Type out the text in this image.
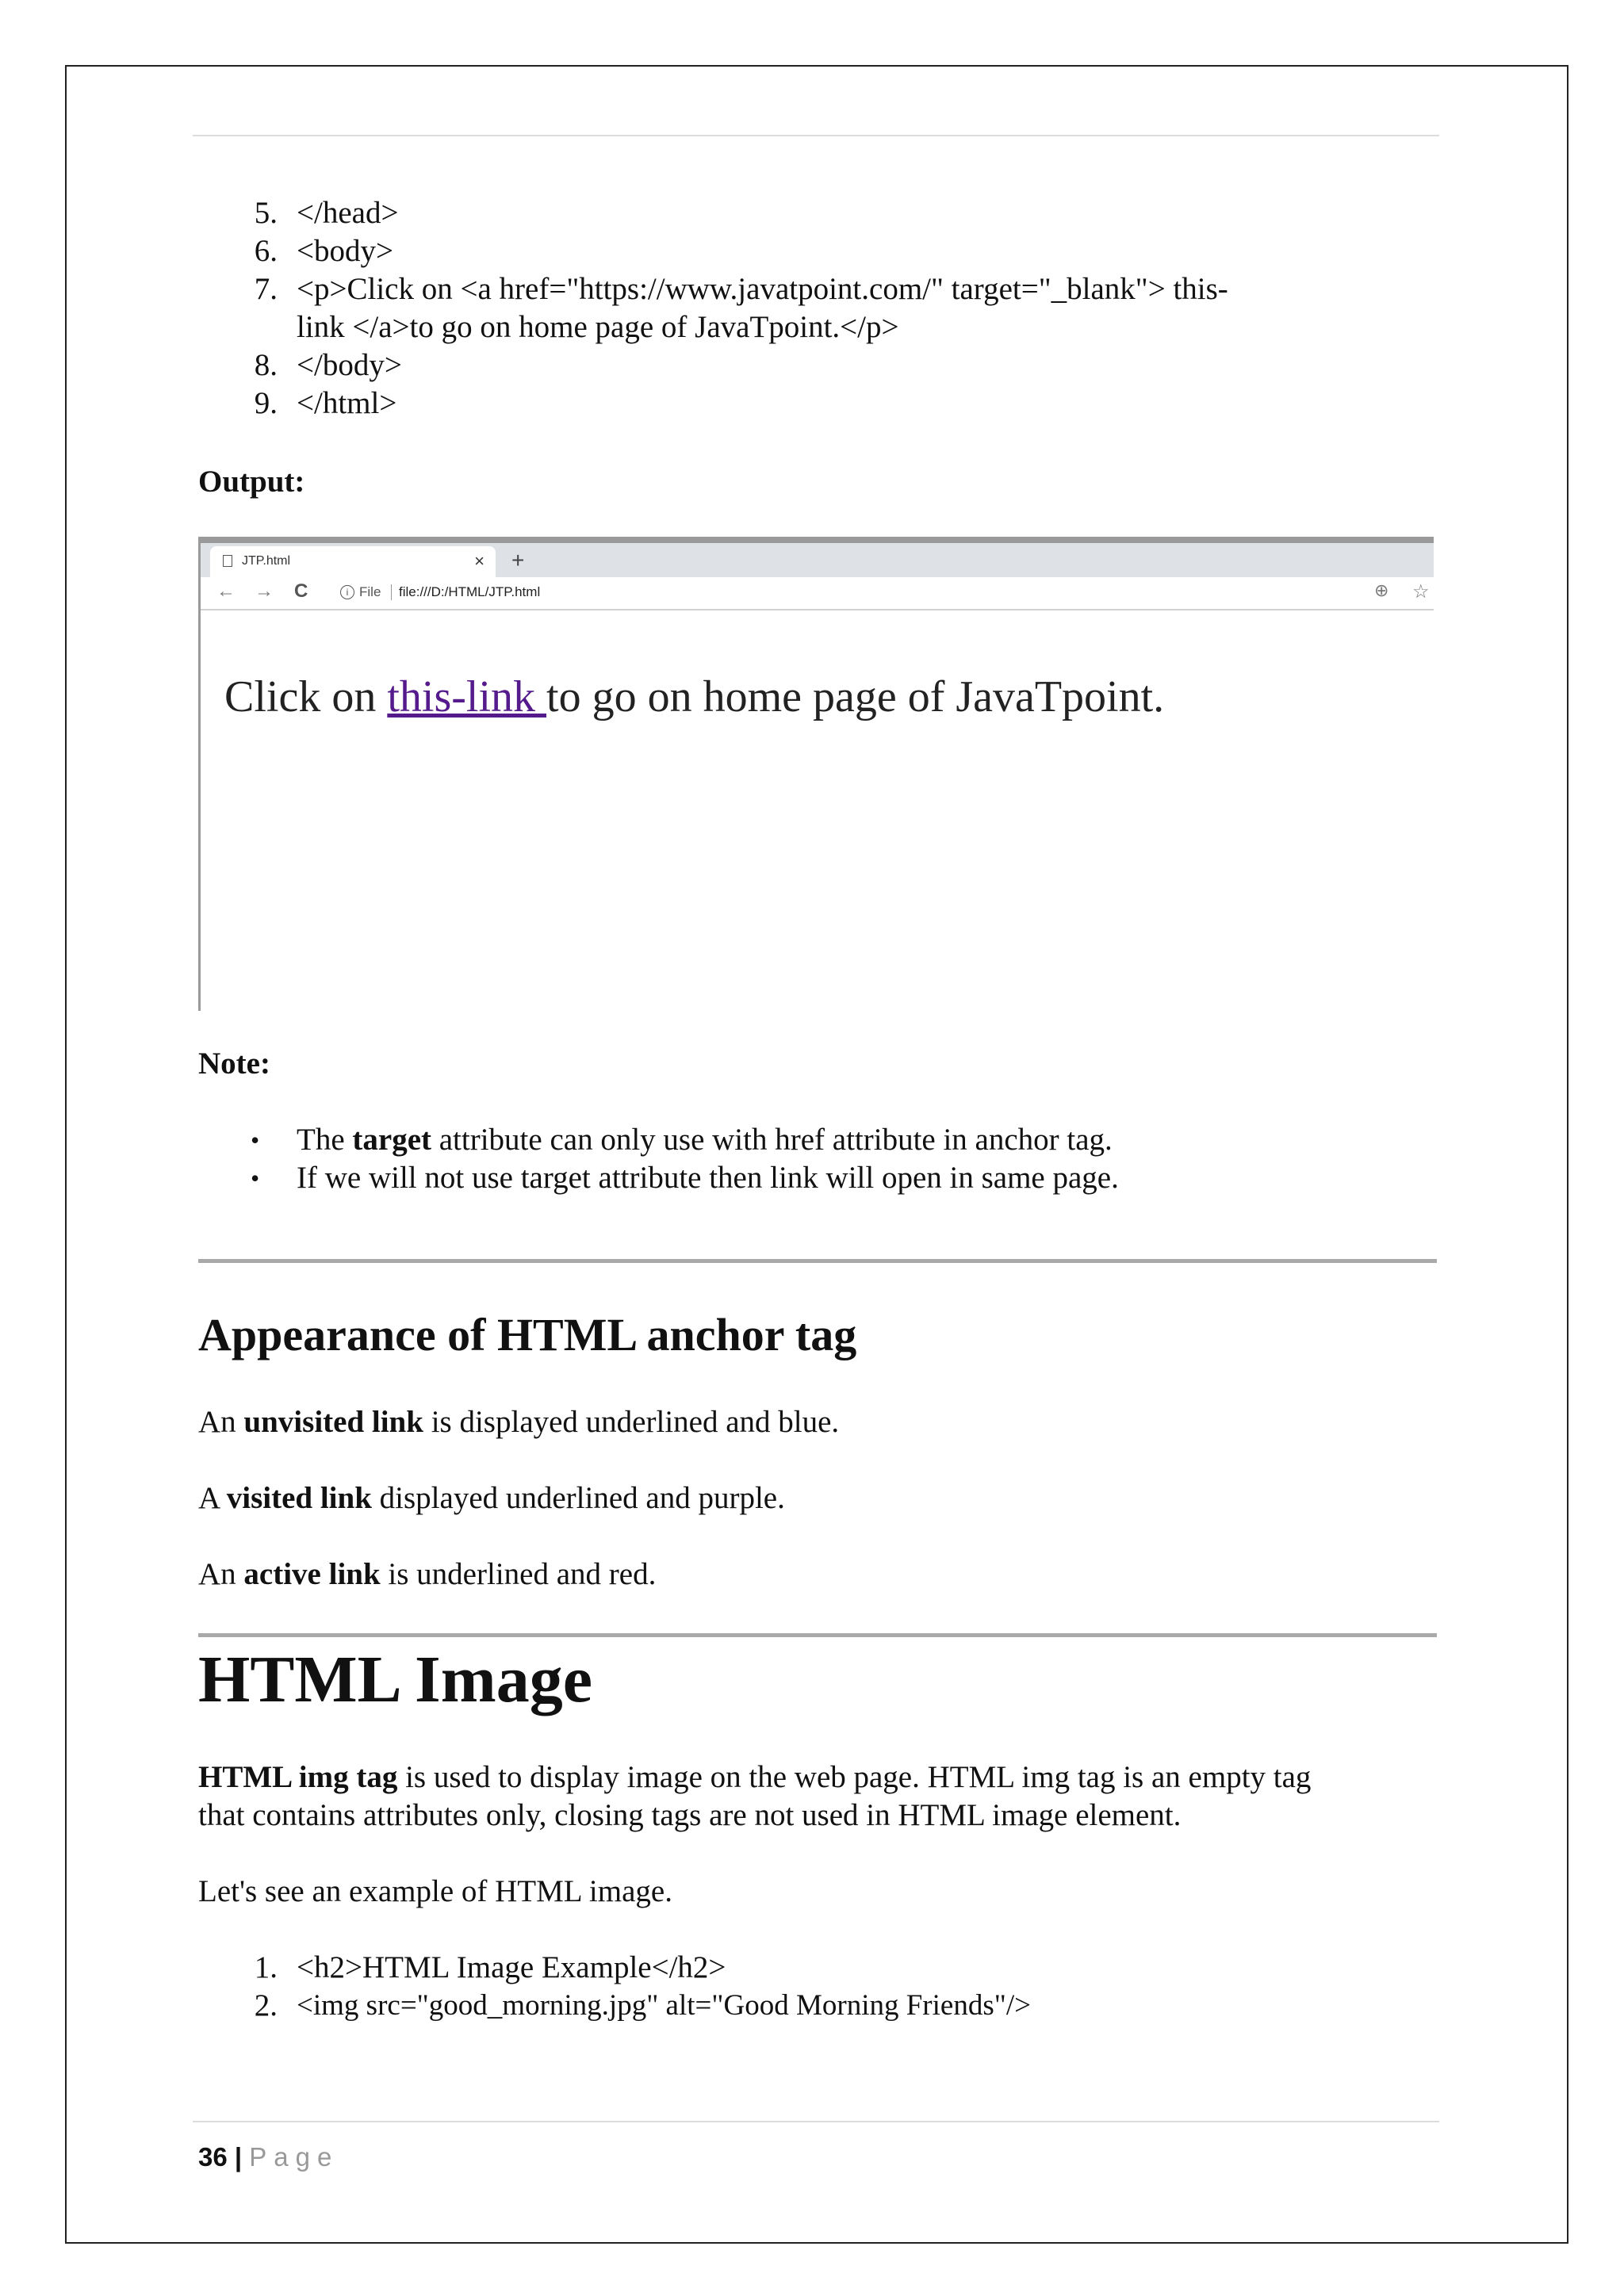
5. </head>
6. <body>
7. <p>Click on <a href="https://www.javatpoint.com/" target="_blank"> this-
link </a>to go on home page of JavaTpoint.</p>
8. </body>
9. </html>
Output:
JTP.html	× +
← → C	i File file:///D:/HTML/JTP.html	⊕ ☆
Click on this-link to go on home page of JavaTpoint.
Note:
• The target attribute can only use with href attribute in anchor tag.
• If we will not use target attribute then link will open in same page.
Appearance of HTML anchor tag
An unvisited link is displayed underlined and blue.
A visited link displayed underlined and purple.
An active link is underlined and red.
HTML Image
HTML img tag is used to display image on the web page. HTML img tag is an empty tag
that contains attributes only, closing tags are not used in HTML image element.
Let's see an example of HTML image.
1. <h2>HTML Image Example</h2>
2. <img src="good_morning.jpg" alt="Good Morning Friends"/>
36 | Page
